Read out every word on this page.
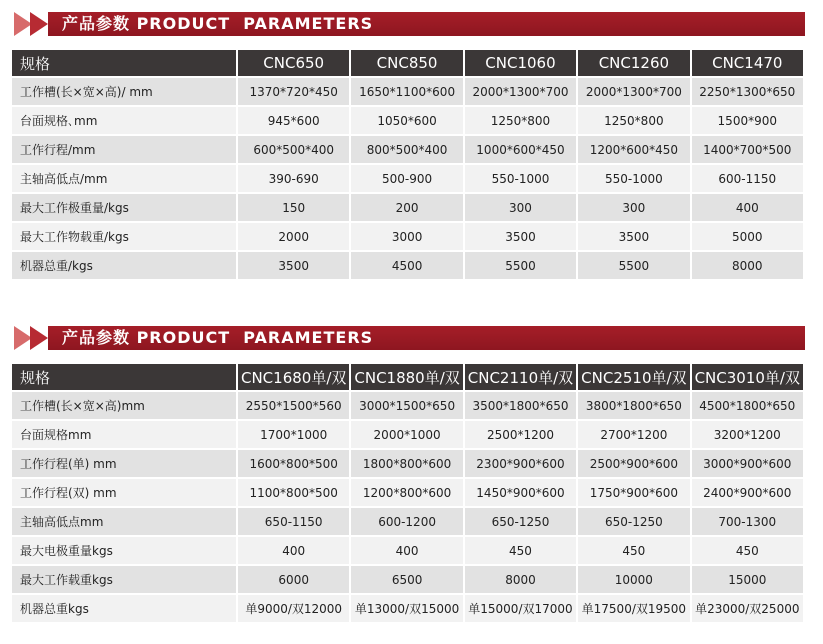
产品参数 PRODUCT  PARAMETERS
规格	CNC650	CNC850	CNC1060	CNC1260	CNC1470
工作槽(长×宽×高)/ mm	1370*720*450	1650*1100*600	2000*1300*700	2000*1300*700	2250*1300*650
台面规格､mm	945*600	1050*600	1250*800	1250*800	1500*900
工作行程/mm	600*500*400	800*500*400	1000*600*450	1200*600*450	1400*700*500
主轴高低点/mm	390-690	500-900	550-1000	550-1000	600-1150
最大工作极重量/kgs	150	200	300	300	400
最大工作物载重/kgs	2000	3000	3500	3500	5000
机器总重/kgs	3500	4500	5500	5500	8000
产品参数 PRODUCT  PARAMETERS
规格	CNC1680单/双	CNC1880单/双	CNC2110单/双	CNC2510单/双	CNC3010单/双
工作槽(长×宽×高)mm	2550*1500*560	3000*1500*650	3500*1800*650	3800*1800*650	4500*1800*650
台面规格mm	1700*1000	2000*1000	2500*1200	2700*1200	3200*1200
工作行程(单) mm	1600*800*500	1800*800*600	2300*900*600	2500*900*600	3000*900*600
工作行程(双) mm	1100*800*500	1200*800*600	1450*900*600	1750*900*600	2400*900*600
主轴高低点mm	650-1150	600-1200	650-1250	650-1250	700-1300
最大电极重量kgs	400	400	450	450	450
最大工作载重kgs	6000	6500	8000	10000	15000
机器总重kgs	单9000/双12000	单13000/双15000	单15000/双17000	单17500/双19500	单23000/双25000
